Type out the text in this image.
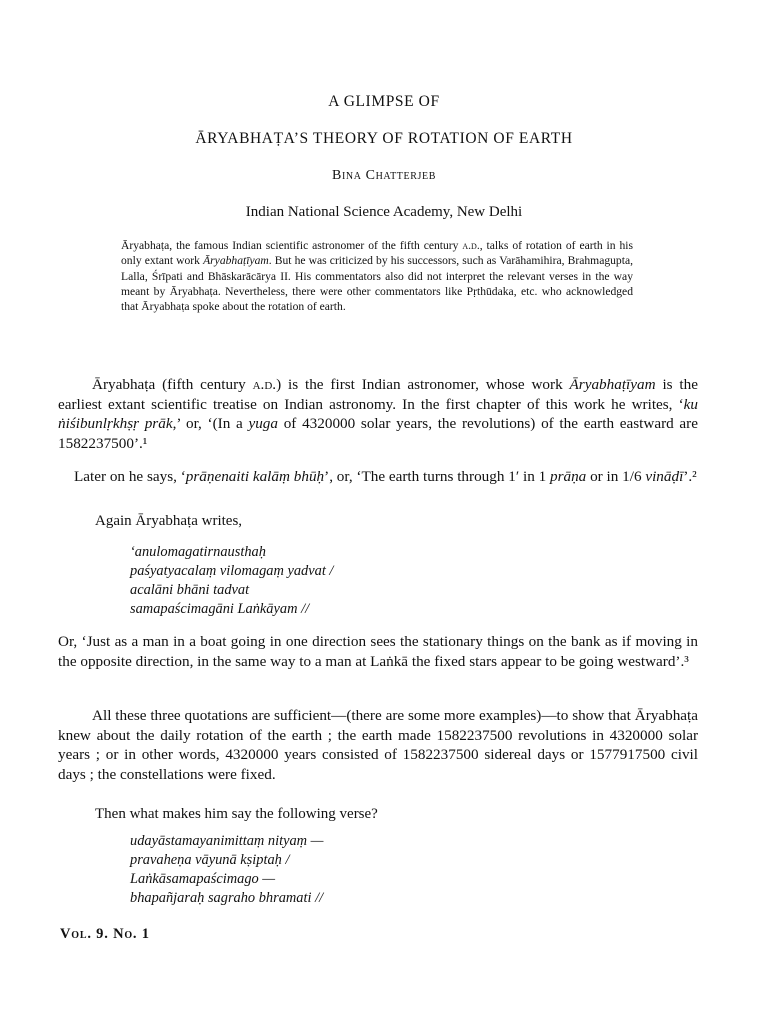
A GLIMPSE OF
ĀRYABHAṬA’S THEORY OF ROTATION OF EARTH
Bina Chatterjeb
Indian National Science Academy, New Delhi

Āryabhaṭa, the famous Indian scientific astronomer of the fifth century a.d., talks of rotation of earth in his only extant work Āryabhaṭīyam. But he was criticized by his successors, such as Varāhamihira, Brahmagupta, Lalla, Śrīpati and Bhāskarācārya II. His commentators also did not interpret the relevant verses in the way meant by Āryabhaṭa. Nevertheless, there were other commentators like Pṛthūdaka, etc. who acknowledged that Āryabhaṭa spoke about the rotation of earth.

Āryabhaṭa (fifth century a.d.) is the first Indian astronomer, whose work Āryabhaṭīyam is the earliest extant scientific treatise on Indian astronomy. In the first chapter of this work he writes, ‘ku ṅiśibunlṛkhṣṛ prāk,’ or, ‘(In a yuga of 4320000 solar years, the revolutions) of the earth eastward are 1582237500’.¹

Later on he says, ‘prāṇenaiti kalāṃ bhūḥ’, or, ‘The earth turns through 1′ in 1 prāṇa or in 1/6 vināḍī’.²

Again Āryabhaṭa writes,

‘anulomagatirnausthaḥ
paśyatyacalaṃ vilomagaṃ yadvat /
acalāni bhāni tadvat
samapaścimagāni Laṅkāyam //

Or, ‘Just as a man in a boat going in one direction sees the stationary things on the bank as if moving in the opposite direction, in the same way to a man at Laṅkā the fixed stars appear to be going westward’.³

All these three quotations are sufficient—(there are some more examples)—to show that Āryabhaṭa knew about the daily rotation of the earth ; the earth made 1582237500 revolutions in 4320000 solar years ; or in other words, 4320000 years consisted of 1582237500 sidereal days or 1577917500 civil days ; the constellations were fixed.

Then what makes him say the following verse?

udayāstamayanimittaṃ nityaṃ —
pravaheṇa vāyunā kṣiptaḥ /
Laṅkāsamapaścimago —
bhapañjaraḥ sagraho bhramati //
Vol. 9. No. 1
